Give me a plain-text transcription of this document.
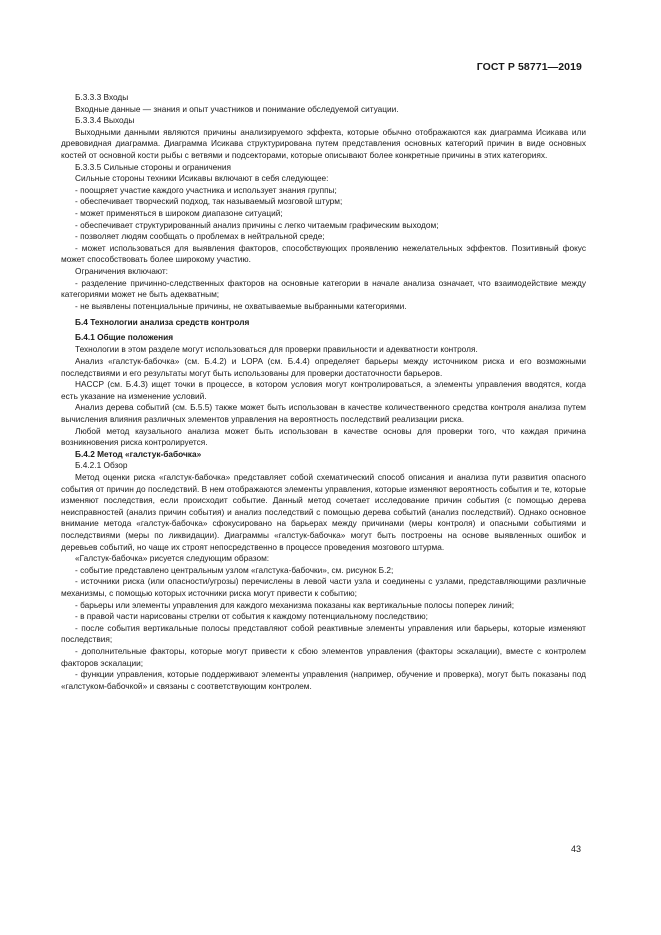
ГОСТ Р 58771—2019

Б.3.3.3 Входы

Входные данные — знания и опыт участников и понимание обследуемой ситуации.

Б.3.3.4 Выходы

Выходными данными являются причины анализируемого эффекта, которые обычно отображаются как диаграмма Исикава или древовидная диаграмма. Диаграмма Исикава структурирована путем представления основных категорий причин в виде основных костей от основной кости рыбы с ветвями и подсекторами, которые описывают более конкретные причины в этих категориях.

Б.3.3.5 Сильные стороны и ограничения

Сильные стороны техники Исикавы включают в себя следующее:

- поощряет участие каждого участника и использует знания группы;

- обеспечивает творческий подход, так называемый мозговой штурм;

- может применяться в широком диапазоне ситуаций;

- обеспечивает структурированный анализ причины с легко читаемым графическим выходом;

- позволяет людям сообщать о проблемах в нейтральной среде;

- может использоваться для выявления факторов, способствующих проявлению нежелательных эффектов. Позитивный фокус может способствовать более широкому участию.

Ограничения включают:

- разделение причинно-следственных факторов на основные категории в начале анализа означает, что взаимодействие между категориями может не быть адекватным;

- не выявлены потенциальные причины, не охватываемые выбранными категориями.

Б.4 Технологии анализа средств контроля
Б.4.1 Общие положения

Технологии в этом разделе могут использоваться для проверки правильности и адекватности контроля.

Анализ «галстук-бабочка» (см. Б.4.2) и LOPA (см. Б.4.4) определяет барьеры между источником риска и его возможными последствиями и его результаты могут быть использованы для проверки достаточности барьеров.

HACCP (см. Б.4.3) ищет точки в процессе, в котором условия могут контролироваться, а элементы управления вводятся, когда есть указание на изменение условий.

Анализ дерева событий (см. Б.5.5) также может быть использован в качестве количественного средства контроля анализа путем вычисления влияния различных элементов управления на вероятность последствий реализации риска.

Любой метод каузального анализа может быть использован в качестве основы для проверки того, что каждая причина возникновения риска контролируется.

Б.4.2 Метод «галстук-бабочка»

Б.4.2.1 Обзор

Метод оценки риска «галстук-бабочка» представляет собой схематический способ описания и анализа пути развития опасного события от причин до последствий. В нем отображаются элементы управления, которые изменяют вероятность события и те, которые изменяют последствия, если происходит событие. Данный метод сочетает исследование причин события (с помощью дерева неисправностей (анализ причин события) и анализ последствий с помощью дерева событий (анализ последствий). Однако основное внимание метода «галстук-бабочка» сфокусировано на барьерах между причинами (меры контроля) и опасными событиями и последствиями (меры по ликвидации). Диаграммы «галстук-бабочка» могут быть построены на основе выявленных ошибок и деревьев событий, но чаще их строят непосредственно в процессе проведения мозгового штурма.

«Галстук-бабочка» рисуется следующим образом:

- событие представлено центральным узлом «галстука-бабочки», см. рисунок Б.2;

- источники риска (или опасности/угрозы) перечислены в левой части узла и соединены с узлами, представляющими различные механизмы, с помощью которых источники риска могут привести к событию;

- барьеры или элементы управления для каждого механизма показаны как вертикальные полосы поперек линий;

- в правой части нарисованы стрелки от события к каждому потенциальному последствию;

- после события вертикальные полосы представляют собой реактивные элементы управления или барьеры, которые изменяют последствия;

- дополнительные факторы, которые могут привести к сбою элементов управления (факторы эскалации), вместе с контролем факторов эскалации;

- функции управления, которые поддерживают элементы управления (например, обучение и проверка), могут быть показаны под «галстуком-бабочкой» и связаны с соответствующим контролем.

43
